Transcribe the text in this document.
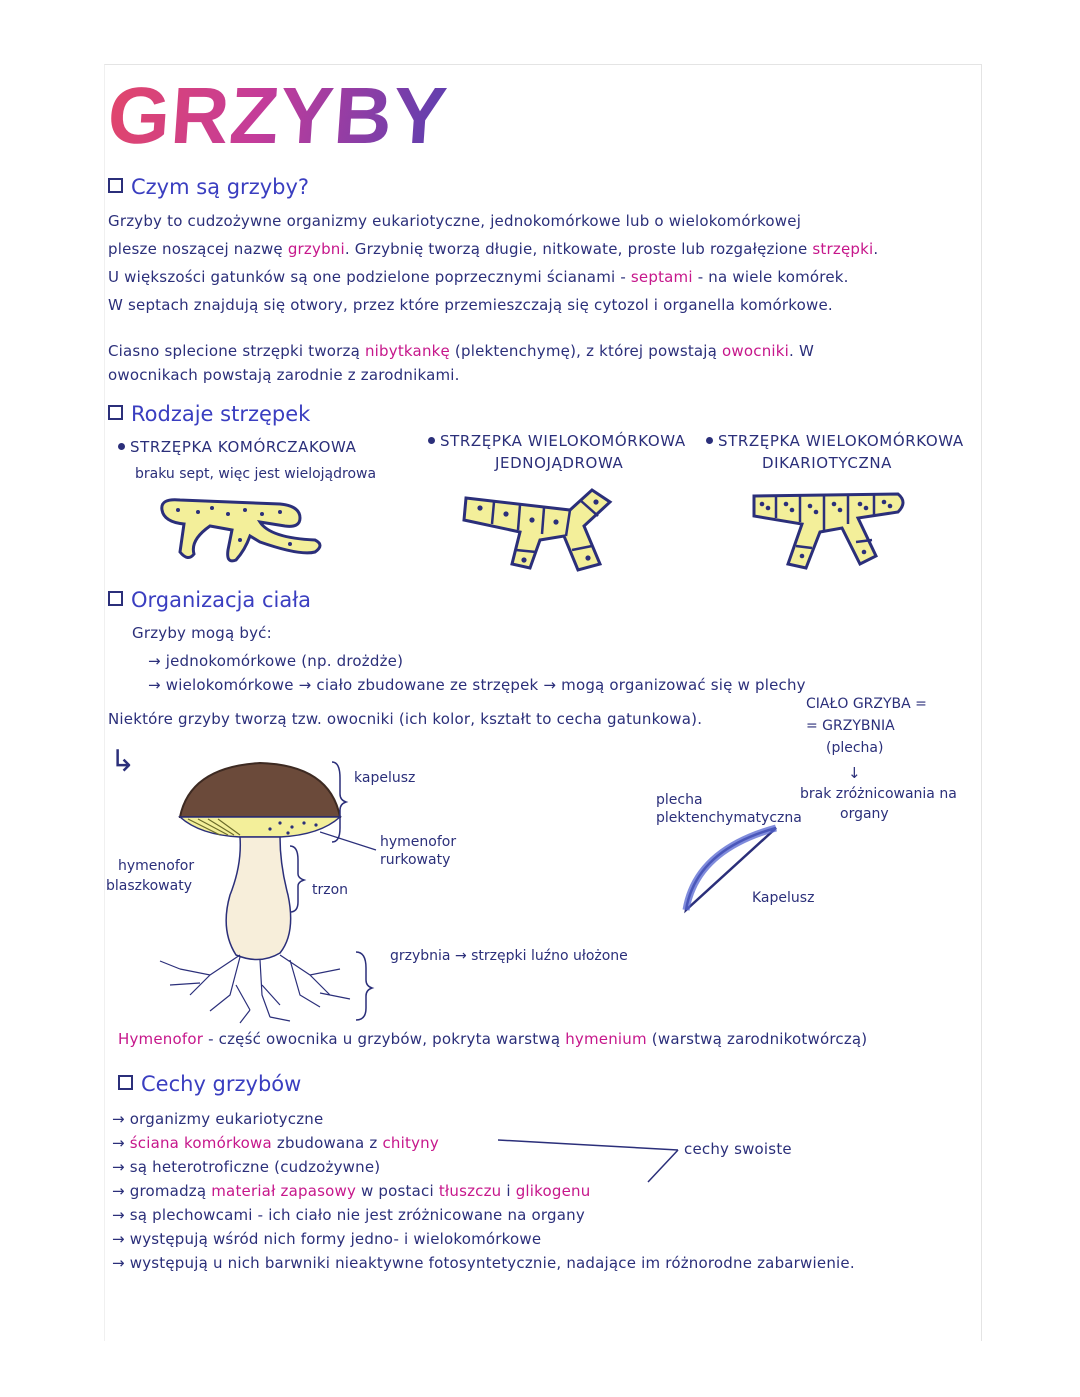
GRZYBY
Czym są grzyby?
Grzyby to cudzożywne organizmy eukariotyczne, jednokomórkowe lub o wielokomórkowej
plesze noszącej nazwę grzybni. Grzybnię tworzą długie, nitkowate, proste lub rozgałęzione strzępki.
U większości gatunków są one podzielone poprzecznymi ścianami - septami - na wiele komórek.
W septach znajdują się otwory, przez które przemieszczają się cytozol i organella komórkowe.
Ciasno splecione strzępki tworzą nibytkankę (plektenchymę), z której powstają owocniki. W
owocnikach powstają zarodnie z zarodnikami.
Rodzaje strzępek
STRZĘPKA KOMÓRCZAKOWA
braku sept, więc jest wielojądrowa
STRZĘPKA WIELOKOMÓRKOWA
JEDNOJĄDROWA
STRZĘPKA WIELOKOMÓRKOWA
DIKARIOTYCZNA
Organizacja ciała
Grzyby mogą być:
→ jednokomórkowe (np. drożdże)
→ wielokomórkowe → ciało zbudowane ze strzępek → mogą organizować się w plechy
Niektóre grzyby tworzą tzw. owocniki (ich kolor, kształt to cecha gatunkowa).
CIAŁO GRZYBA =
= GRZYBNIA
(plecha)
↓
brak zróżnicowania na
organy
↳	kapelusz
hymenofor
rurkowaty
hymenofor
blaszkowaty	trzon
grzybnia → strzępki luźno ułożone
plecha
plektenchymatyczna
Kapelusz
Hymenofor - część owocnika u grzybów, pokryta warstwą hymenium (warstwą zarodnikotwórczą)
Cechy grzybów
→ organizmy eukariotyczne
→ ściana komórkowa zbudowana z chityny
→ są heterotroficzne (cudzożywne)
→ gromadzą materiał zapasowy w postaci tłuszczu i glikogenu
→ są plechowcami - ich ciało nie jest zróżnicowane na organy
→ występują wśród nich formy jedno- i wielokomórkowe
→ występują u nich barwniki nieaktywne fotosyntetycznie, nadające im różnorodne zabarwienie.
cechy swoiste
